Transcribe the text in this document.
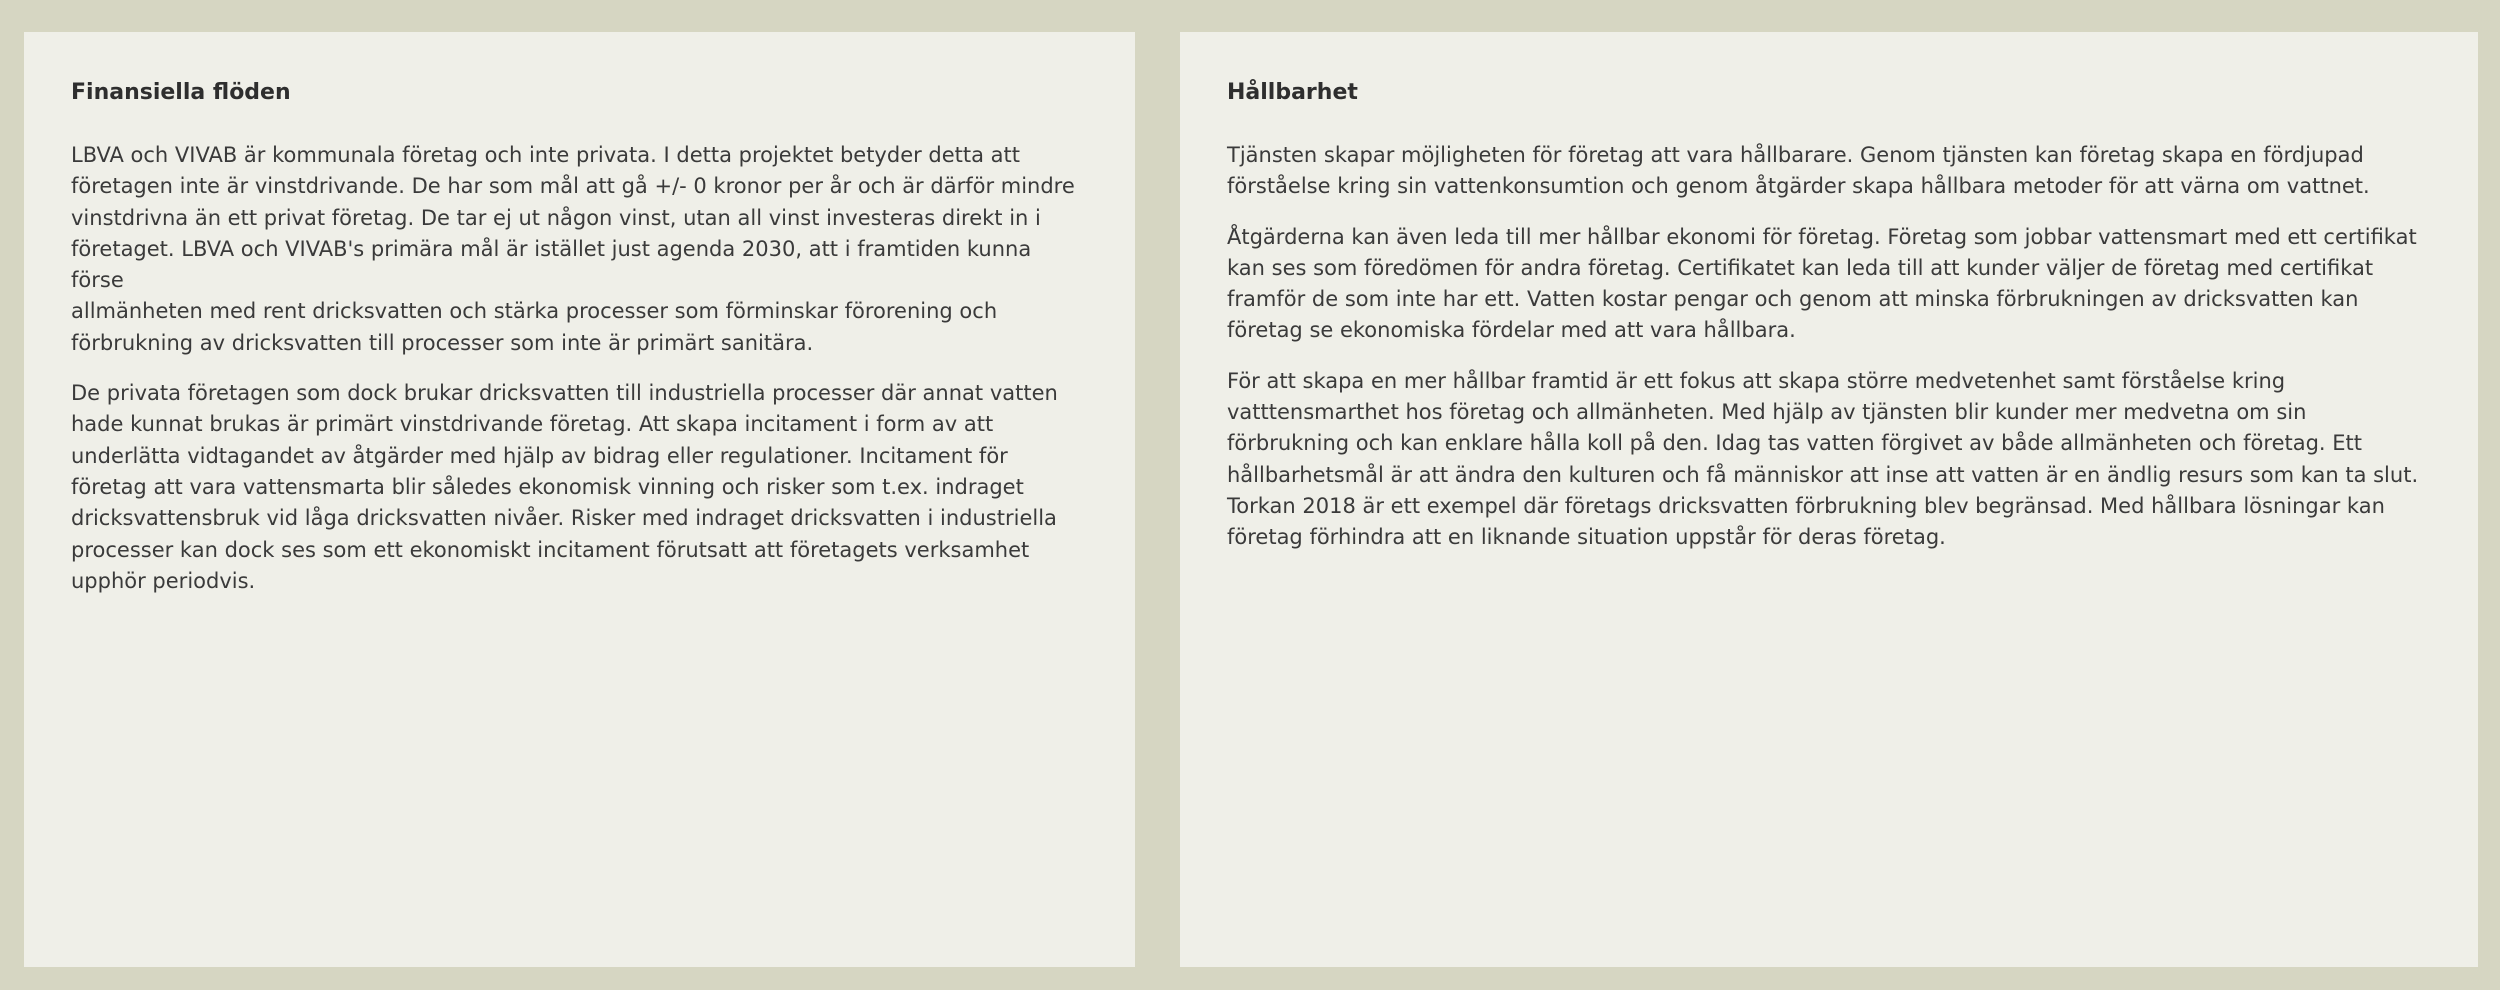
Finansiella flöden

LBVA och VIVAB är kommunala företag och inte privata. I detta projektet betyder detta att
företagen inte är vinstdrivande. De har som mål att gå +/- 0 kronor per år och är därför mindre
vinstdrivna än ett privat företag. De tar ej ut någon vinst, utan all vinst investeras direkt in i
företaget. LBVA och VIVAB's primära mål är istället just agenda 2030, att i framtiden kunna förse
allmänheten med rent dricksvatten och stärka processer som förminskar förorening och
förbrukning av dricksvatten till processer som inte är primärt sanitära.

De privata företagen som dock brukar dricksvatten till industriella processer där annat vatten
hade kunnat brukas är primärt vinstdrivande företag. Att skapa incitament i form av att
underlätta vidtagandet av åtgärder med hjälp av bidrag eller regulationer. Incitament för
företag att vara vattensmarta blir således ekonomisk vinning och risker som t.ex. indraget
dricksvattensbruk vid låga dricksvatten nivåer. Risker med indraget dricksvatten i industriella
processer kan dock ses som ett ekonomiskt incitament förutsatt att företagets verksamhet
upphör periodvis.

Hållbarhet

Tjänsten skapar möjligheten för företag att vara hållbarare. Genom tjänsten kan företag skapa en fördjupad
förståelse kring sin vattenkonsumtion och genom åtgärder skapa hållbara metoder för att värna om vattnet.

Åtgärderna kan även leda till mer hållbar ekonomi för företag. Företag som jobbar vattensmart med ett certifikat
kan ses som föredömen för andra företag. Certifikatet kan leda till att kunder väljer de företag med certifikat
framför de som inte har ett. Vatten kostar pengar och genom att minska förbrukningen av dricksvatten kan
företag se ekonomiska fördelar med att vara hållbara.

För att skapa en mer hållbar framtid är ett fokus att skapa större medvetenhet samt förståelse kring
vatttensmarthet hos företag och allmänheten. Med hjälp av tjänsten blir kunder mer medvetna om sin
förbrukning och kan enklare hålla koll på den. Idag tas vatten förgivet av både allmänheten och företag. Ett
hållbarhetsmål är att ändra den kulturen och få människor att inse att vatten är en ändlig resurs som kan ta slut.
Torkan 2018 är ett exempel där företags dricksvatten förbrukning blev begränsad. Med hållbara lösningar kan
företag förhindra att en liknande situation uppstår för deras företag.
